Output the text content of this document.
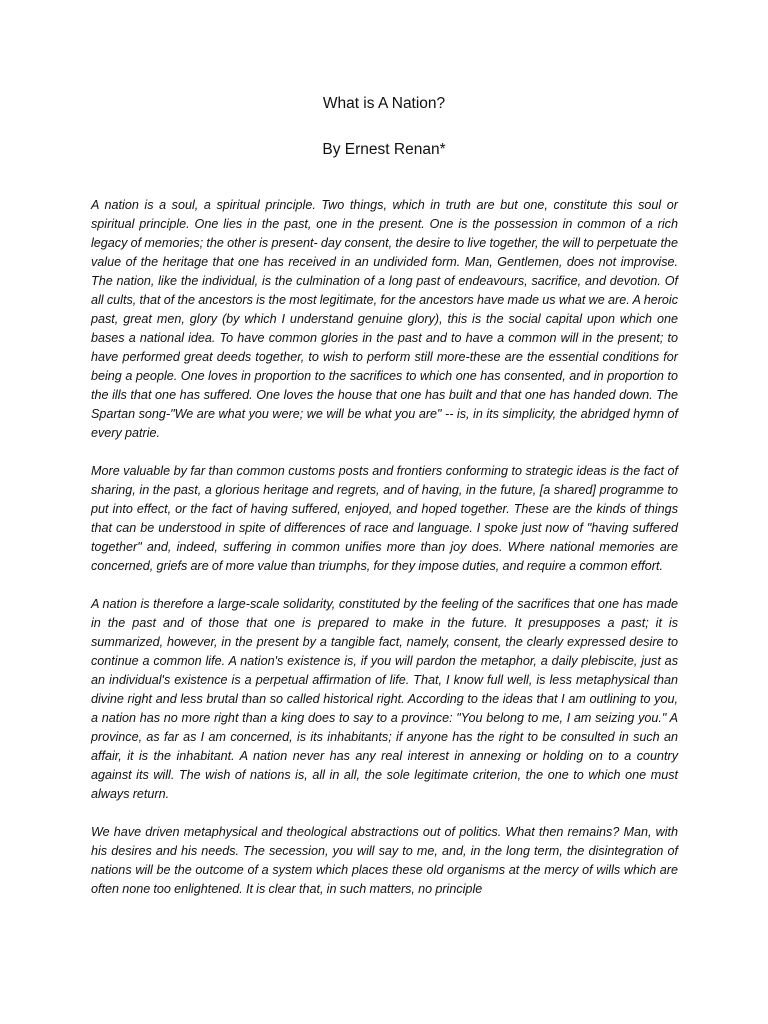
What is A Nation?
By Ernest Renan*

A nation is a soul, a spiritual principle. Two things, which in truth are but one, constitute this soul or spiritual principle. One lies in the past, one in the present. One is the possession in common of a rich legacy of memories; the other is present- day consent, the desire to live together, the will to perpetuate the value of the heritage that one has received in an undivided form. Man, Gentlemen, does not improvise. The nation, like the individual, is the culmination of a long past of endeavours, sacrifice, and devotion. Of all cults, that of the ancestors is the most legitimate, for the ancestors have made us what we are. A heroic past, great men, glory (by which I understand genuine glory), this is the social capital upon which one bases a national idea. To have common glories in the past and to have a common will in the present; to have performed great deeds together, to wish to perform still more-these are the essential conditions for being a people. One loves in proportion to the sacrifices to which one has consented, and in proportion to the ills that one has suffered. One loves the house that one has built and that one has handed down. The Spartan song-"We are what you were; we will be what you are" -- is, in its simplicity, the abridged hymn of every patrie.

More valuable by far than common customs posts and frontiers conforming to strategic ideas is the fact of sharing, in the past, a glorious heritage and regrets, and of having, in the future, [a shared] programme to put into effect, or the fact of having suffered, enjoyed, and hoped together. These are the kinds of things that can be understood in spite of differences of race and language. I spoke just now of "having suffered together" and, indeed, suffering in common unifies more than joy does. Where national memories are concerned, griefs are of more value than triumphs, for they impose duties, and require a common effort.

A nation is therefore a large-scale solidarity, constituted by the feeling of the sacrifices that one has made in the past and of those that one is prepared to make in the future. It presupposes a past; it is summarized, however, in the present by a tangible fact, namely, consent, the clearly expressed desire to continue a common life. A nation's existence is, if you will pardon the metaphor, a daily plebiscite, just as an individual's existence is a perpetual affirmation of life. That, I know full well, is less metaphysical than divine right and less brutal than so called historical right. According to the ideas that I am outlining to you, a nation has no more right than a king does to say to a province: "You belong to me, I am seizing you." A province, as far as I am concerned, is its inhabitants; if anyone has the right to be consulted in such an affair, it is the inhabitant. A nation never has any real interest in annexing or holding on to a country against its will. The wish of nations is, all in all, the sole legitimate criterion, the one to which one must always return.

We have driven metaphysical and theological abstractions out of politics. What then remains? Man, with his desires and his needs. The secession, you will say to me, and, in the long term, the disintegration of nations will be the outcome of a system which places these old organisms at the mercy of wills which are often none too enlightened. It is clear that, in such matters, no principle
